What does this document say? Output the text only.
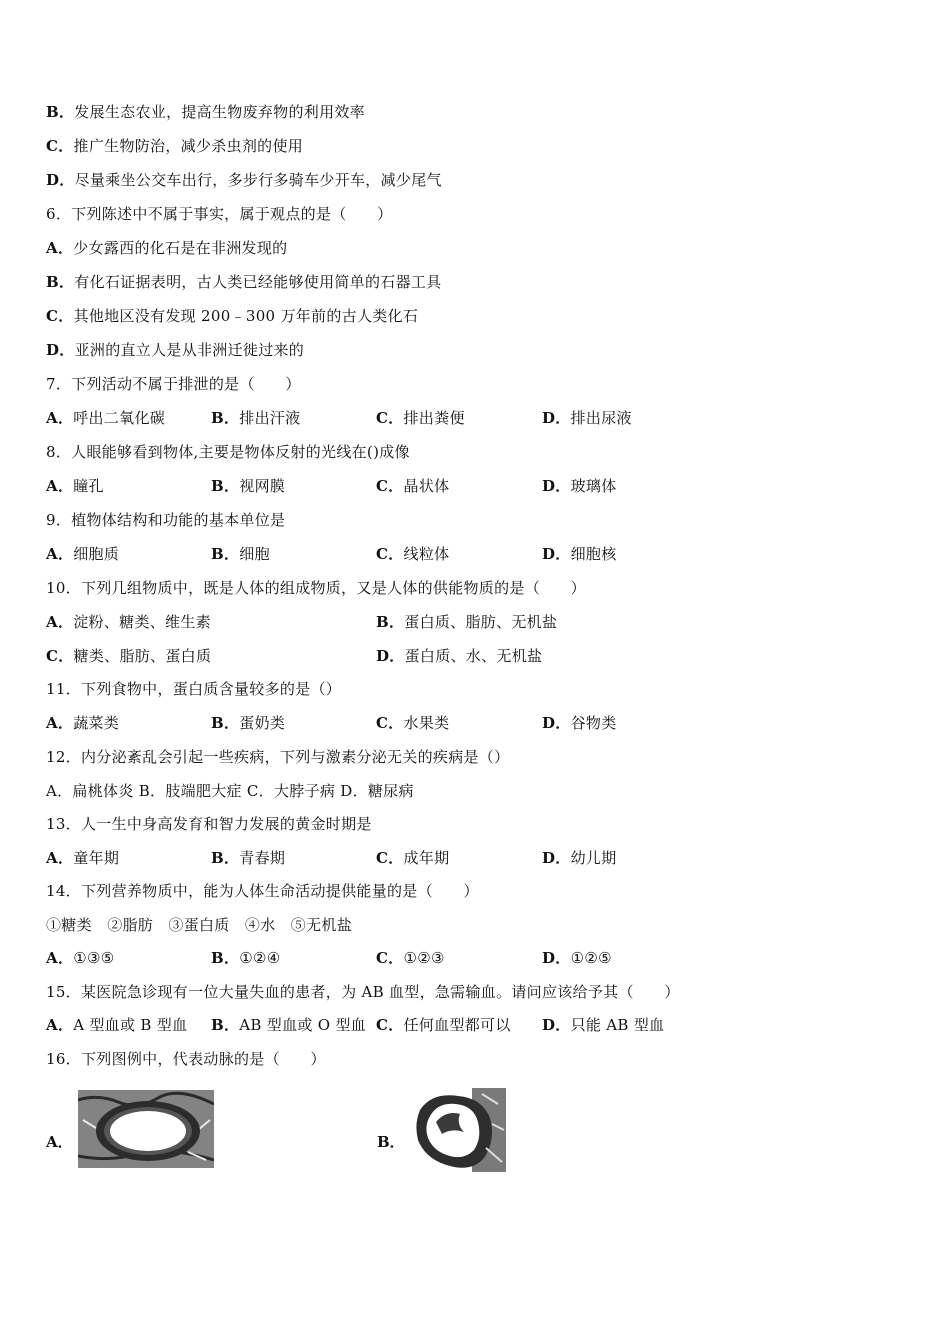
B．发展生态农业，提高生物废弃物的利用效率
C．推广生物防治，减少杀虫剂的使用
D．尽量乘坐公交车出行，多步行多骑车少开车，减少尾气
6．下列陈述中不属于事实，属于观点的是（　　）
A．少女露西的化石是在非洲发现的
B．有化石证据表明，古人类已经能够使用简单的石器工具
C．其他地区没有发现 200﹣300 万年前的古人类化石
D．亚洲的直立人是从非洲迁徙过来的
7．下列活动不属于排泄的是（　　）
A．呼出二氧化碳	B．排出汗液	C．排出粪便	D．排出尿液
8．人眼能够看到物体,主要是物体反射的光线在()成像
A．瞳孔	B．视网膜	C．晶状体	D．玻璃体
9．植物体结构和功能的基本单位是
A．细胞质	B．细胞	C．线粒体	D．细胞核
10．下列几组物质中，既是人体的组成物质，又是人体的供能物质的是（　　）
A．淀粉、糖类、维生素	B．蛋白质、脂肪、无机盐
C．糖类、脂肪、蛋白质	D．蛋白质、水、无机盐
11．下列食物中，蛋白质含量较多的是（）
A．蔬菜类	B．蛋奶类	C．水果类	D．谷物类
12．内分泌紊乱会引起一些疾病，下列与激素分泌无关的疾病是（）
A．扁桃体炎 B．肢端肥大症 C．大脖子病 D．糖尿病
13．人一生中身高发育和智力发展的黄金时期是
A．童年期	B．青春期	C．成年期	D．幼儿期
14．下列营养物质中，能为人体生命活动提供能量的是（　　）
①糖类　②脂肪　③蛋白质　④水　⑤无机盐
A．①③⑤	B．①②④	C．①②③	D．①②⑤
15．某医院急诊现有一位大量失血的患者，为 AB 血型，急需输血。请问应该给予其（　　）
A．A 型血或 B 型血 B．AB 型血或 O 型血 C．任何血型都可以 D．只能 AB 型血
16．下列图例中，代表动脉的是（　　）
A．	B．
